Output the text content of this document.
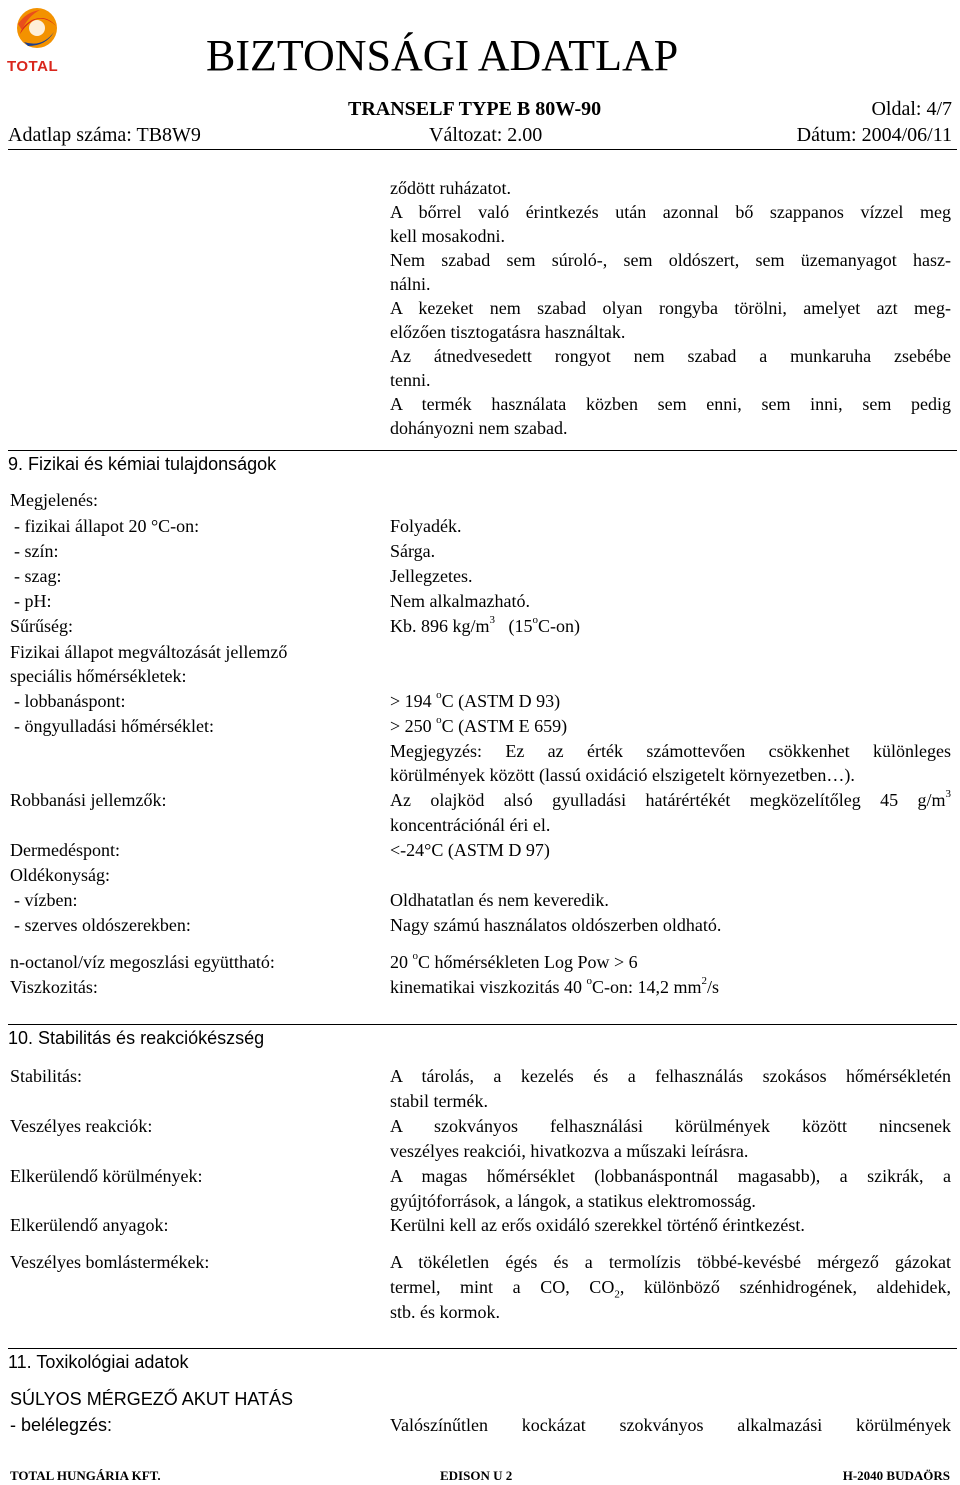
TOTAL	BIZTONSÁGI ADATLAP
TRANSELF TYPE B 80W-90	Oldal: 4/7
Adatlap száma: TB8W9	Változat: 2.00	Dátum: 2004/06/11
ződött ruházatot.
A bőrrel való érintkezés után azonnal bő szappanos vízzel meg
kell mosakodni.
Nem szabad sem súroló-, sem oldószert, sem üzemanyagot hasz-
nálni.
A kezeket nem szabad olyan rongyba törölni, amelyet azt meg-
előzően tisztogatásra használtak.
Az átnedvesedett rongyot nem szabad a munkaruha zsebébe
tenni.
A termék használata közben sem enni, sem inni, sem pedig
dohányozni nem szabad.
9. Fizikai és kémiai tulajdonságok
Megjelenés:
- fizikai állapot 20 °C-on:	Folyadék.
- szín:	Sárga.
- szag:	Jellegzetes.
- pH:	Nem alkalmazható.
Sűrűség:	Kb. 896 $kg/m^3$ (15$^o$C-on)
Fizikai állapot megváltozását jellemző
speciális hőmérsékletek:
- lobbanáspont:	> 194 $^o$C (ASTM D 93)
- öngyulladási hőmérséklet:	> 250 $^o$C (ASTM E 659)
Megjegyzés: Ez az érték számottevően csökkenhet különleges
körülmények között (lassú oxidáció elszigetelt környezetben…).
Robbanási jellemzők:	Az olajköd alsó gyulladási határértékét megközelítőleg 45 $g/m^3$
koncentrációnál éri el.
Dermedéspont:	<-24°C (ASTM D 97)
Oldékonyság:
- vízben:	Oldhatatlan és nem keveredik.
- szerves oldószerekben:	Nagy számú használatos oldószerben oldható.
n-octanol/víz megoszlási együttható:	20 $^o$C hőmérsékleten Log Pow > 6
Viszkozitás:	kinematikai viszkozitás 40 $^o$C-on: 14,2 $mm^2/s$
10. Stabilitás és reakciókészség
Stabilitás:	A tárolás, a kezelés és a felhasználás szokásos hőmérsékletén
stabil termék.
Veszélyes reakciók:	A szokványos felhasználási körülmények között nincsenek
veszélyes reakciói, hivatkozva a műszaki leírásra.
Elkerülendő körülmények:	A magas hőmérséklet (lobbanáspontnál magasabb), a szikrák, a
gyújtóforrások, a lángok, a statikus elektromosság.
Elkerülendő anyagok:	Kerülni kell az erős oxidáló szerekkel történő érintkezést.
Veszélyes bomlástermékek:	A tökéletlen égés és a termolízis többé-kevésbé mérgező gázokat
termel, mint a CO, $CO_2$, különböző szénhidrogének, aldehidek,
stb. és kormok.
11. Toxikológiai adatok
SÚLYOS MÉRGEZŐ AKUT HATÁS
- belélegzés:	Valószínűtlen kockázat szokványos alkalmazási körülmények
TOTAL HUNGÁRIA KFT.	EDISON U 2	H-2040 BUDAÖRS
